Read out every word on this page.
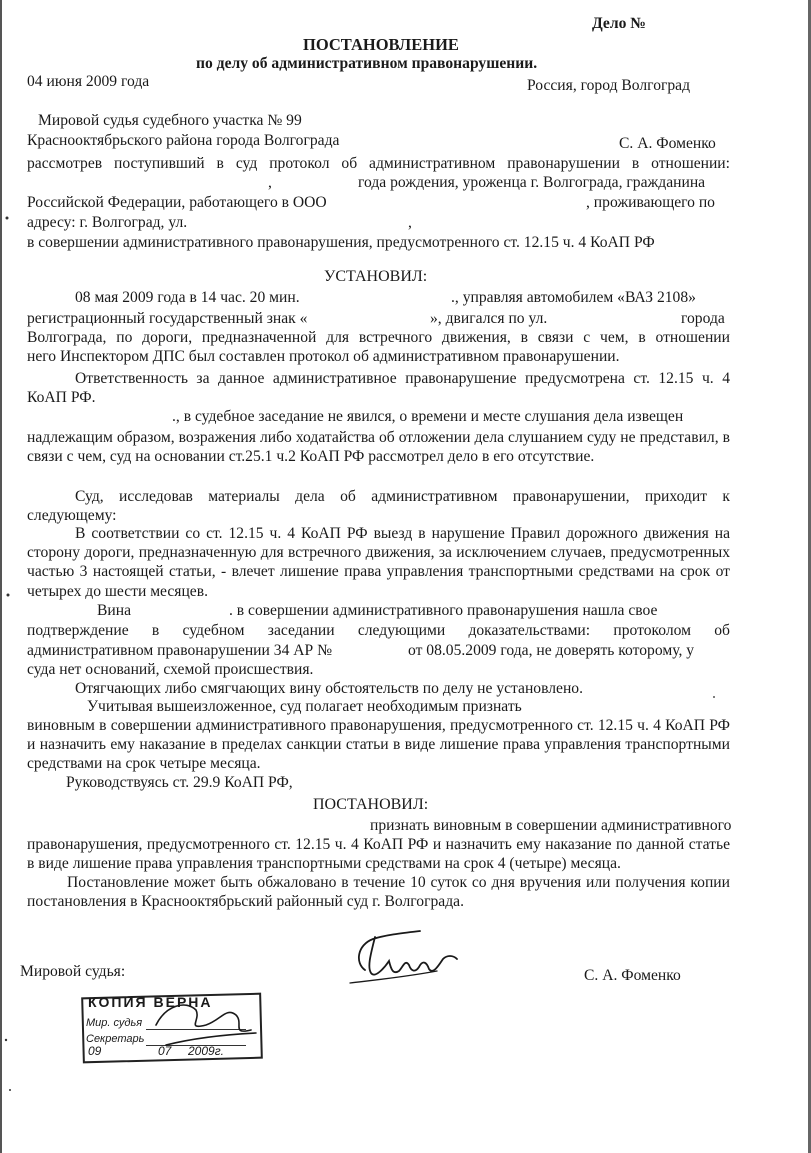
Дело №
ПОСТАНОВЛЕНИЕ
по делу об административном правонарушении.
04 июня 2009 года	Россия, город Волгоград
Мировой судья судебного участка № 99
Краснооктябрьского района города Волгограда	С. А. Фоменко
рассмотрев поступивший в суд протокол об административном правонарушении в отношении:
,	года рождения, уроженца г. Волгограда, гражданина
Российской Федерации, работающего в ООО	, проживающего по
адресу: г. Волгоград, ул.	,
в совершении административного правонарушения, предусмотренного ст. 12.15 ч. 4 КоАП РФ
УСТАНОВИЛ:
08 мая 2009 года в 14 час. 20 мин.	., управляя автомобилем «ВАЗ 2108»
регистрационный государственный знак «	», двигался по ул.	города
Волгограда, по дороги, предназначенной для встречного движения, в связи с чем, в отношении
него Инспектором ДПС был составлен протокол об административном правонарушении.
Ответственность за данное административное правонарушение предусмотрена ст. 12.15 ч. 4 КоАП РФ.
., в судебное заседание не явился, о времени и месте слушания дела извещен
надлежащим образом, возражения либо ходатайства об отложении дела слушанием суду не представил, в связи с чем, суд на основании ст.25.1 ч.2 КоАП РФ рассмотрел дело в его отсутствие.
Суд, исследовав материалы дела об административном правонарушении, приходит к следующему:
В соответствии со ст. 12.15 ч. 4 КоАП РФ выезд в нарушение Правил дорожного движения на сторону дороги, предназначенную для встречного движения, за исключением случаев, предусмотренных частью 3 настоящей статьи, - влечет лишение права управления транспортными средствами на срок от четырех до шести месяцев.
Вина	. в совершении административного правонарушения нашла свое
подтверждение в судебном заседании следующими доказательствами: протоколом об
административном правонарушении 34 АР №	от 08.05.2009 года, не доверять которому, у
суда нет оснований, схемой происшествия.
Отягчающих либо смягчающих вину обстоятельств по делу не установлено.
Учитывая вышеизложенное, суд полагает необходимым признать
виновным в совершении административного правонарушения, предусмотренного ст. 12.15 ч. 4 КоАП РФ и назначить ему наказание в пределах санкции статьи в виде лишение права управления транспортными средствами на срок четыре месяца.
Руководствуясь ст. 29.9 КоАП РФ,
ПОСТАНОВИЛ:
признать виновным в совершении административного
правонарушения, предусмотренного ст. 12.15 ч. 4 КоАП РФ и назначить ему наказание по данной статье в виде лишение права управления транспортными средствами на срок 4 (четыре) месяца.
Постановление может быть обжаловано в течение 10 суток со дня вручения или получения копии постановления в Краснооктябрьский районный суд г. Волгограда.
Мировой судья:	С. А. Фоменко
КОПИЯ ВЕРНА
Мир. судья
Секретарь
09	07 2009г.
